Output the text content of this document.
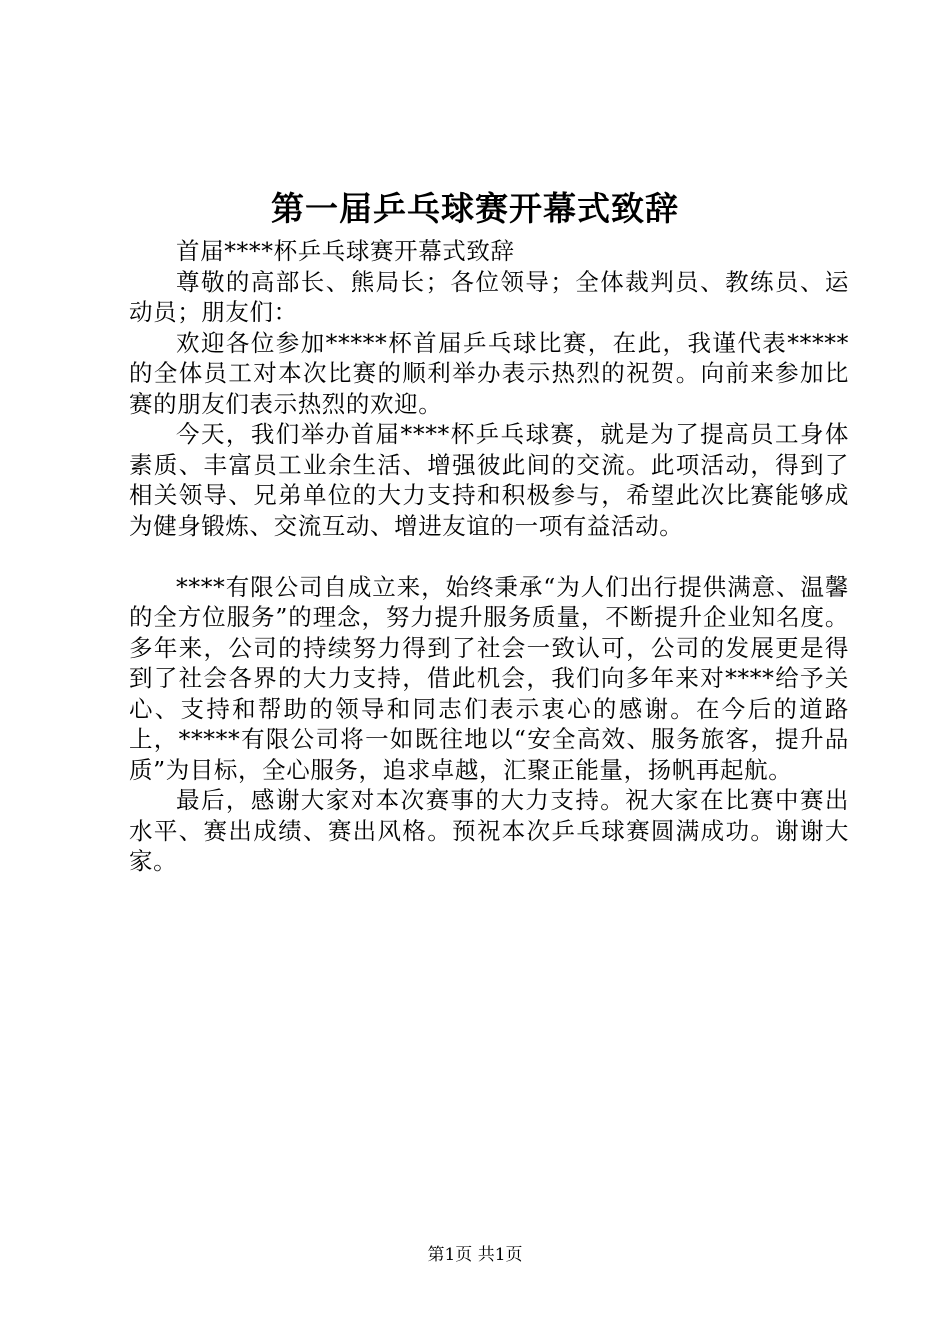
第一届乒乓球赛开幕式致辞

首届****杯乒乓球赛开幕式致辞

尊敬的高部长、熊局长；各位领导；全体裁判员、教练员、运动员；朋友们：

欢迎各位参加*****杯首届乒乓球比赛，在此，我谨代表*****的全体员工对本次比赛的顺利举办表示热烈的祝贺。向前来参加比赛的朋友们表示热烈的欢迎。

今天，我们举办首届****杯乒乓球赛，就是为了提高员工身体素质、丰富员工业余生活、增强彼此间的交流。此项活动，得到了相关领导、兄弟单位的大力支持和积极参与，希望此次比赛能够成为健身锻炼、交流互动、增进友谊的一项有益活动。

****有限公司自成立来，始终秉承“为人们出行提供满意、温馨的全方位服务”的理念，努力提升服务质量，不断提升企业知名度。多年来，公司的持续努力得到了社会一致认可，公司的发展更是得到了社会各界的大力支持，借此机会，我们向多年来对****给予关心、支持和帮助的领导和同志们表示衷心的感谢。在今后的道路上，*****有限公司将一如既往地以“安全高效、服务旅客，提升品质”为目标，全心服务，追求卓越，汇聚正能量，扬帆再起航。

最后，感谢大家对本次赛事的大力支持。祝大家在比赛中赛出水平、赛出成绩、赛出风格。预祝本次乒乓球赛圆满成功。谢谢大家。

第1页 共1页
